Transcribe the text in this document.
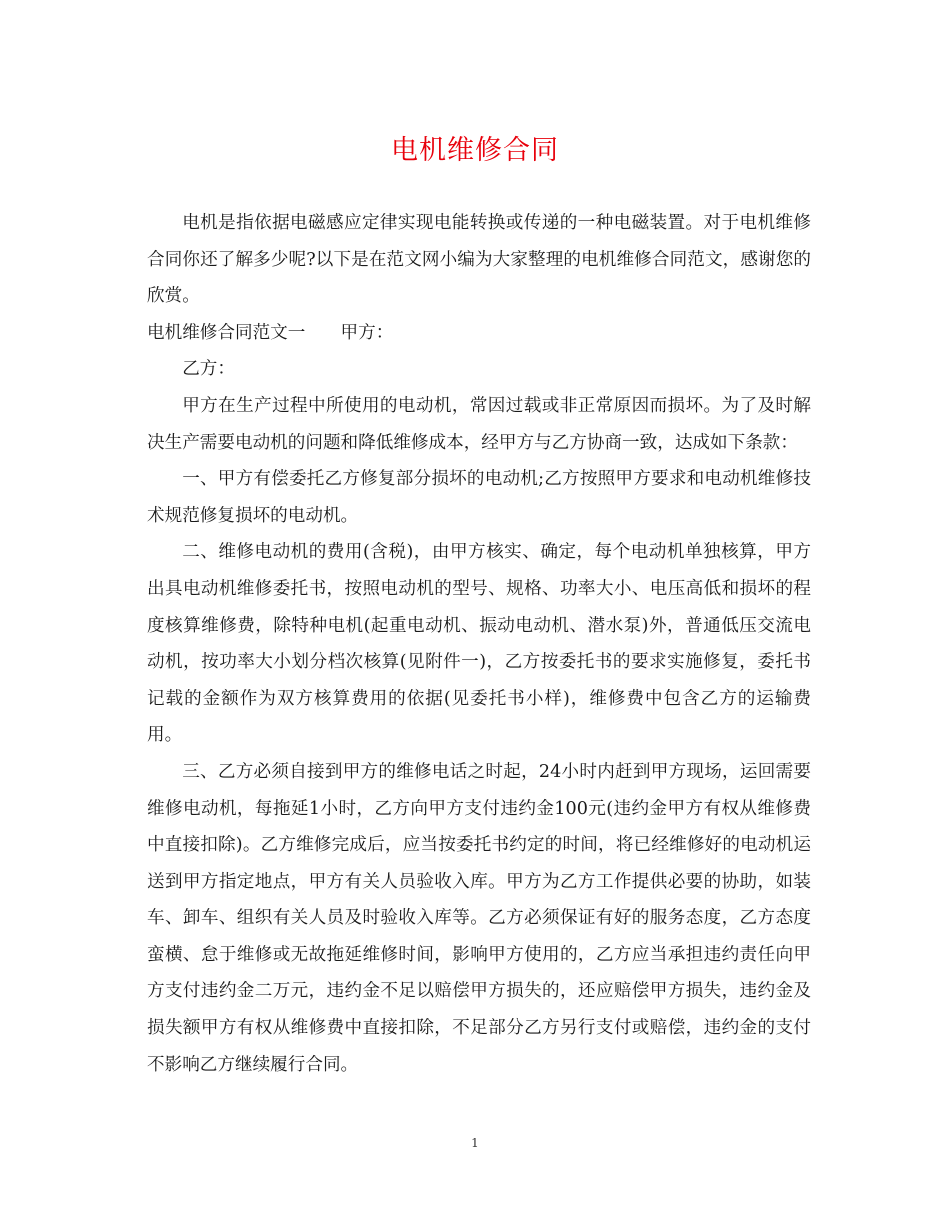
电机维修合同

电机是指依据电磁感应定律实现电能转换或传递的一种电磁装置。对于电机维修合同你还了解多少呢?以下是在范文网小编为大家整理的电机维修合同范文，感谢您的欣赏。

电机维修合同范文一　　甲方：

乙方：

甲方在生产过程中所使用的电动机，常因过载或非正常原因而损坏。为了及时解决生产需要电动机的问题和降低维修成本，经甲方与乙方协商一致，达成如下条款：

一、甲方有偿委托乙方修复部分损坏的电动机;乙方按照甲方要求和电动机维修技术规范修复损坏的电动机。

二、维修电动机的费用(含税)，由甲方核实、确定，每个电动机单独核算，甲方出具电动机维修委托书，按照电动机的型号、规格、功率大小、电压高低和损坏的程度核算维修费，除特种电机(起重电动机、振动电动机、潜水泵)外，普通低压交流电动机，按功率大小划分档次核算(见附件一)，乙方按委托书的要求实施修复，委托书记载的金额作为双方核算费用的依据(见委托书小样)，维修费中包含乙方的运输费用。

三、乙方必须自接到甲方的维修电话之时起，24小时内赶到甲方现场，运回需要维修电动机，每拖延1小时，乙方向甲方支付违约金100元(违约金甲方有权从维修费中直接扣除)。乙方维修完成后，应当按委托书约定的时间，将已经维修好的电动机运送到甲方指定地点，甲方有关人员验收入库。甲方为乙方工作提供必要的协助，如装车、卸车、组织有关人员及时验收入库等。乙方必须保证有好的服务态度，乙方态度蛮横、怠于维修或无故拖延维修时间，影响甲方使用的，乙方应当承担违约责任向甲方支付违约金二万元，违约金不足以赔偿甲方损失的，还应赔偿甲方损失，违约金及损失额甲方有权从维修费中直接扣除，不足部分乙方另行支付或赔偿，违约金的支付不影响乙方继续履行合同。

1
